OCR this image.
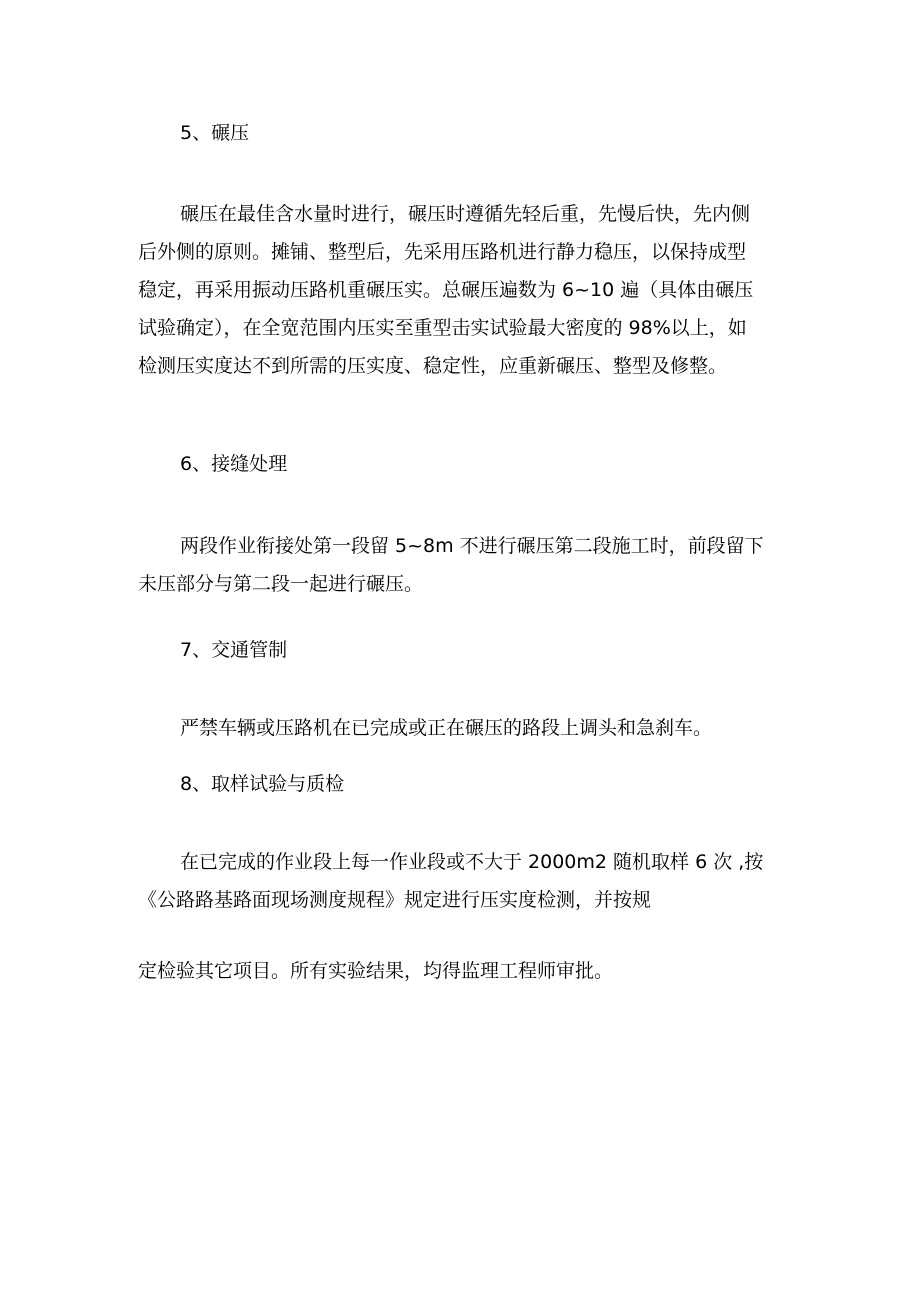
5、碾压

碾压在最佳含水量时进行，碾压时遵循先轻后重，先慢后快，先内侧
后外侧的原则。摊铺、整型后，先采用压路机进行静力稳压，以保持成型
稳定，再采用振动压路机重碾压实。总碾压遍数为 6~10 遍（具体由碾压
试验确定），在全宽范围内压实至重型击实试验最大密度的 98%以上，如
检测压实度达不到所需的压实度、稳定性，应重新碾压、整型及修整。

6、接缝处理

两段作业衔接处第一段留 5~8m 不进行碾压第二段施工时，前段留下
未压部分与第二段一起进行碾压。

7、交通管制

严禁车辆或压路机在已完成或正在碾压的路段上调头和急刹车。

8、取样试验与质检

在已完成的作业段上每一作业段或不大于 2000m2 随机取样 6 次 ,按
《公路路基路面现场测度规程》规定进行压实度检测，并按规

定检验其它项目。所有实验结果，均得监理工程师审批。
